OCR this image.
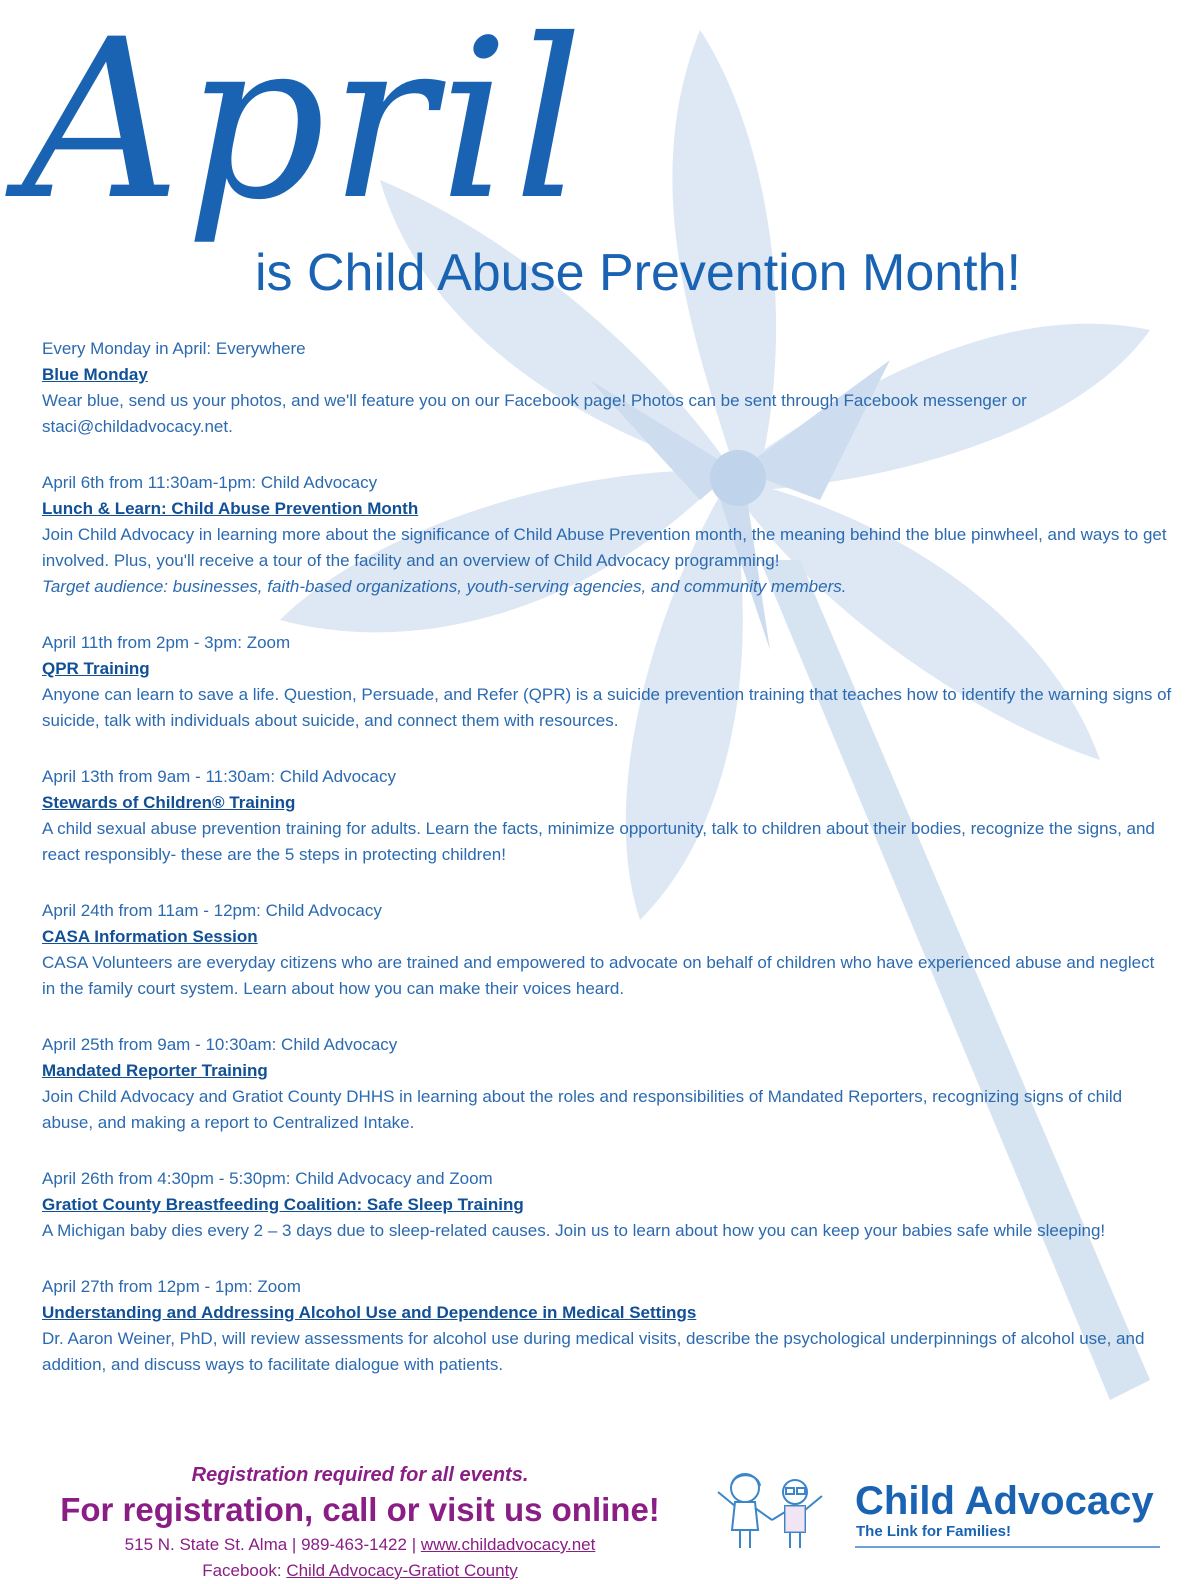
April
is Child Abuse Prevention Month!
Every Monday in April: Everywhere
Blue Monday
Wear blue, send us your photos, and we'll feature you on our Facebook page! Photos can be sent through Facebook messenger or staci@childadvocacy.net.
April 6th from 11:30am-1pm: Child Advocacy
Lunch & Learn: Child Abuse Prevention Month
Join Child Advocacy in learning more about the significance of Child Abuse Prevention month, the meaning behind the blue pinwheel, and ways to get involved. Plus, you'll receive a tour of the facility and an overview of Child Advocacy programming!
Target audience: businesses, faith-based organizations, youth-serving agencies, and community members.
April 11th from 2pm - 3pm: Zoom
QPR Training
Anyone can learn to save a life. Question, Persuade, and Refer (QPR) is a suicide prevention training that teaches how to identify the warning signs of suicide, talk with individuals about suicide, and connect them with resources.
April 13th from 9am - 11:30am: Child Advocacy
Stewards of Children® Training
A child sexual abuse prevention training for adults. Learn the facts, minimize opportunity, talk to children about their bodies, recognize the signs, and react responsibly- these are the 5 steps in protecting children!
April 24th from 11am - 12pm: Child Advocacy
CASA Information Session
CASA Volunteers are everyday citizens who are trained and empowered to advocate on behalf of children who have experienced abuse and neglect in the family court system. Learn about how you can make their voices heard.
April 25th from 9am - 10:30am: Child Advocacy
Mandated Reporter Training
Join Child Advocacy and Gratiot County DHHS in learning about the roles and responsibilities of Mandated Reporters, recognizing signs of child abuse, and making a report to Centralized Intake.
April 26th from 4:30pm - 5:30pm: Child Advocacy and Zoom
Gratiot County Breastfeeding Coalition: Safe Sleep Training
A Michigan baby dies every 2 – 3 days due to sleep-related causes. Join us to learn about how you can keep your babies safe while sleeping!
April 27th from 12pm - 1pm: Zoom
Understanding and Addressing Alcohol Use and Dependence in Medical Settings
Dr. Aaron Weiner, PhD, will review assessments for alcohol use during medical visits, describe the psychological underpinnings of alcohol use, and addition, and discuss ways to facilitate dialogue with patients.
Registration required for all events.
For registration, call or visit us online!
515 N. State St. Alma | 989-463-1422 | www.childadvocacy.net
Facebook: Child Advocacy-Gratiot County
Child Advocacy
The Link for Families!
